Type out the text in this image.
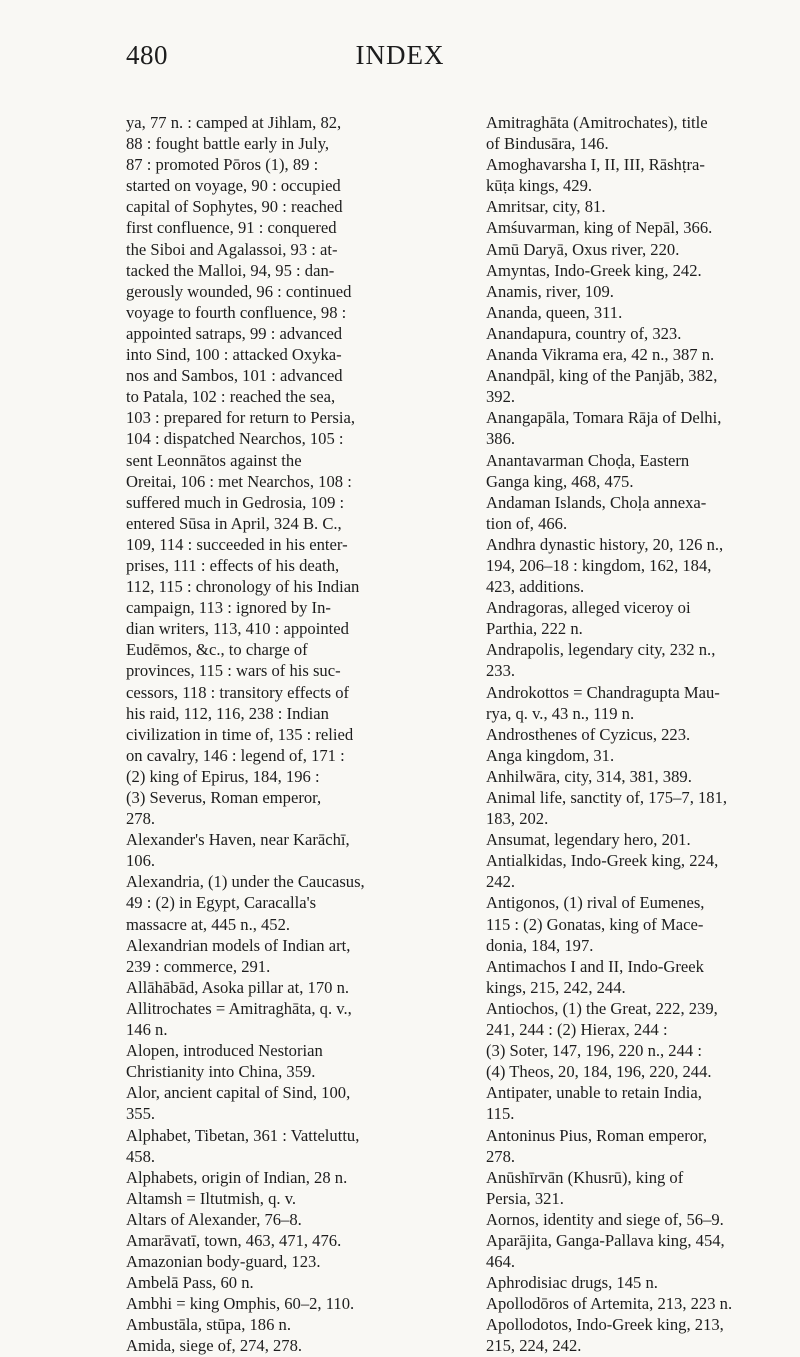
480	INDEX

ya, 77 n. : camped at Jihlam, 82,
88 : fought battle early in July,
87 : promoted Pōros (1), 89 :
started on voyage, 90 : occupied
capital of Sophytes, 90 : reached
first confluence, 91 : conquered
the Siboi and Agalassoi, 93 : at-
tacked the Malloi, 94, 95 : dan-
gerously wounded, 96 : continued
voyage to fourth confluence, 98 :
appointed satraps, 99 : advanced
into Sind, 100 : attacked Oxyka-
nos and Sambos, 101 : advanced
to Patala, 102 : reached the sea,
103 : prepared for return to Persia,
104 : dispatched Nearchos, 105 :
sent Leonnātos against the
Oreitai, 106 : met Nearchos, 108 :
suffered much in Gedrosia, 109 :
entered Sūsa in April, 324 B. C.,
109, 114 : succeeded in his enter-
prises, 111 : effects of his death,
112, 115 : chronology of his Indian
campaign, 113 : ignored by In-
dian writers, 113, 410 : appointed
Eudēmos, &c., to charge of
provinces, 115 : wars of his suc-
cessors, 118 : transitory effects of
his raid, 112, 116, 238 : Indian
civilization in time of, 135 : relied
on cavalry, 146 : legend of, 171 :
(2) king of Epirus, 184, 196 :
(3) Severus, Roman emperor,
278.

Alexander's Haven, near Karāchī,
106.

Alexandria, (1) under the Caucasus,
49 : (2) in Egypt, Caracalla's
massacre at, 445 n., 452.

Alexandrian models of Indian art,
239 : commerce, 291.

Allāhābād, Asoka pillar at, 170 n.

Allitrochates = Amitraghāta, q. v.,
146 n.

Alopen, introduced Nestorian
Christianity into China, 359.

Alor, ancient capital of Sind, 100,
355.

Alphabet, Tibetan, 361 : Vatteluttu,
458.

Alphabets, origin of Indian, 28 n.

Altamsh = Iltutmish, q. v.

Altars of Alexander, 76–8.

Amarāvatī, town, 463, 471, 476.

Amazonian body-guard, 123.

Ambelā Pass, 60 n.

Ambhi = king Omphis, 60–2, 110.

Ambustāla, stūpa, 186 n.

Amida, siege of, 274, 278.

Amitraghāta (Amitrochates), title
of Bindusāra, 146.

Amoghavarsha I, II, III, Rāshṭra-
kūṭa kings, 429.

Amritsar, city, 81.

Amśuvarman, king of Nepāl, 366.

Amū Daryā, Oxus river, 220.

Amyntas, Indo-Greek king, 242.

Anamis, river, 109.

Ananda, queen, 311.

Anandapura, country of, 323.

Ananda Vikrama era, 42 n., 387 n.

Anandpāl, king of the Panjāb, 382,
392.

Anangapāla, Tomara Rāja of Delhi,
386.

Anantavarman Choḍa, Eastern
Ganga king, 468, 475.

Andaman Islands, Choḷa annexa-
tion of, 466.

Andhra dynastic history, 20, 126 n.,
194, 206–18 : kingdom, 162, 184,
423, additions.

Andragoras, alleged viceroy oi
Parthia, 222 n.

Andrapolis, legendary city, 232 n.,
233.

Androkottos = Chandragupta Mau-
rya, q. v., 43 n., 119 n.

Androsthenes of Cyzicus, 223.

Anga kingdom, 31.

Anhilwāra, city, 314, 381, 389.

Animal life, sanctity of, 175–7, 181,
183, 202.

Ansumat, legendary hero, 201.

Antialkidas, Indo-Greek king, 224,
242.

Antigonos, (1) rival of Eumenes,
115 : (2) Gonatas, king of Mace-
donia, 184, 197.

Antimachos I and II, Indo-Greek
kings, 215, 242, 244.

Antiochos, (1) the Great, 222, 239,
241, 244 : (2) Hierax, 244 :
(3) Soter, 147, 196, 220 n., 244 :
(4) Theos, 20, 184, 196, 220, 244.

Antipater, unable to retain India,
115.

Antoninus Pius, Roman emperor,
278.

Anūshīrvān (Khusrū), king of
Persia, 321.

Aornos, identity and siege of, 56–9.

Aparājita, Ganga-Pallava king, 454,
464.

Aphrodisiac drugs, 145 n.

Apollodōros of Artemita, 213, 223 n.

Apollodotos, Indo-Greek king, 213,
215, 224, 242.
